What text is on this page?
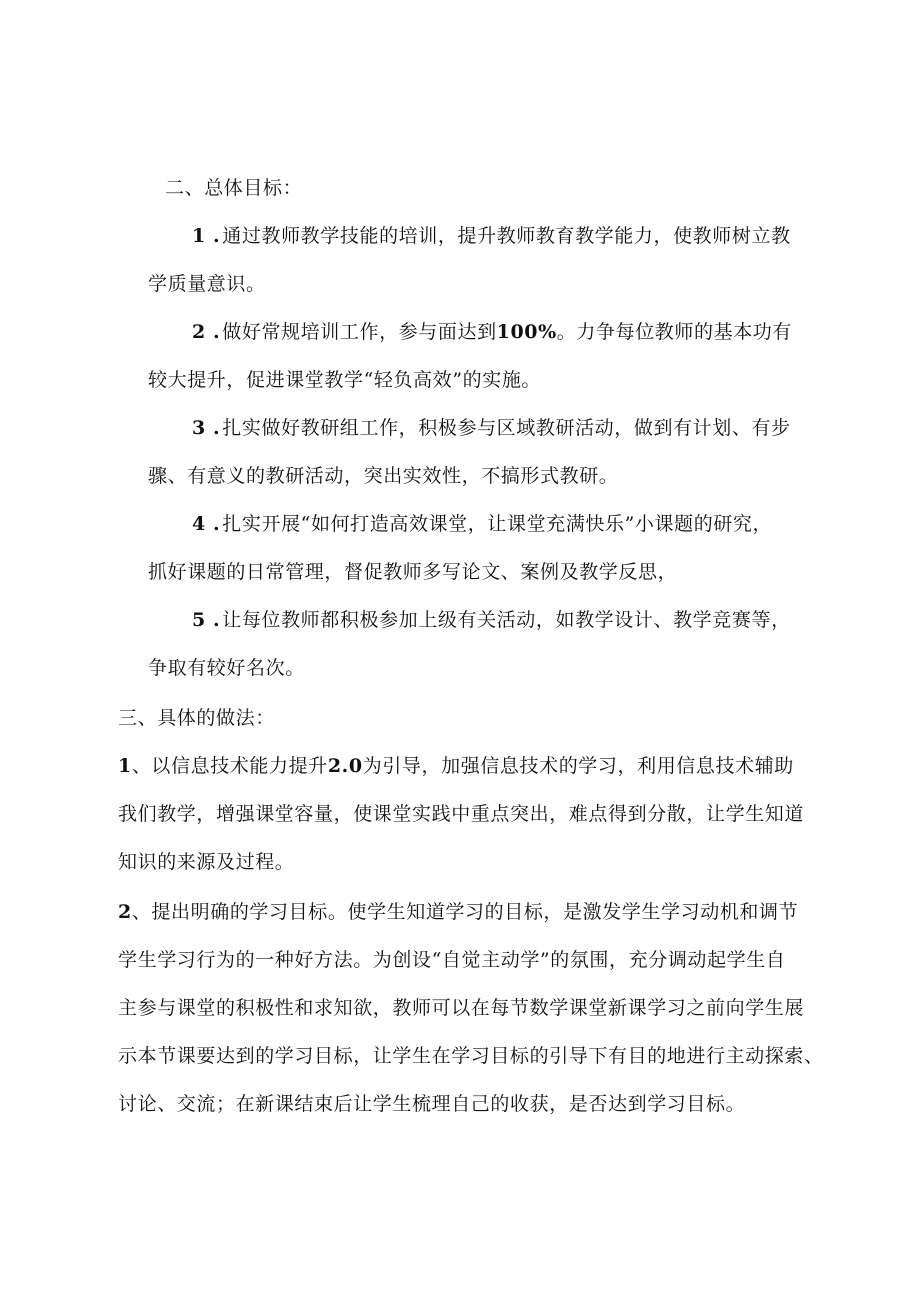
二、总体目标：

1 . 通过教师教学技能的培训，提升教师教育教学能力，使教师树立教

学质量意识。

2 . 做好常规培训工作，参与面达到100%。力争每位教师的基本功有

较大提升，促进课堂教学“轻负高效”的实施。

3 . 扎实做好教研组工作，积极参与区域教研活动，做到有计划、有步

骤、有意义的教研活动，突出实效性，不搞形式教研。

4 . 扎实开展“如何打造高效课堂，让课堂充满快乐”小课题的研究，

抓好课题的日常管理，督促教师多写论文、案例及教学反思，

5 . 让每位教师都积极参加上级有关活动，如教学设计、教学竞赛等，

争取有较好名次。

三、具体的做法：

1、以信息技术能力提升2.0为引导，加强信息技术的学习，利用信息技术辅助

我们教学，增强课堂容量，使课堂实践中重点突出，难点得到分散，让学生知道

知识的来源及过程。

2、提出明确的学习目标。使学生知道学习的目标，是激发学生学习动机和调节

学生学习行为的一种好方法。为创设“自觉主动学”的氛围，充分调动起学生自

主参与课堂的积极性和求知欲，教师可以在每节数学课堂新课学习之前向学生展

示本节课要达到的学习目标，让学生在学习目标的引导下有目的地进行主动探索、

讨论、交流；在新课结束后让学生梳理自己的收获，是否达到学习目标。
